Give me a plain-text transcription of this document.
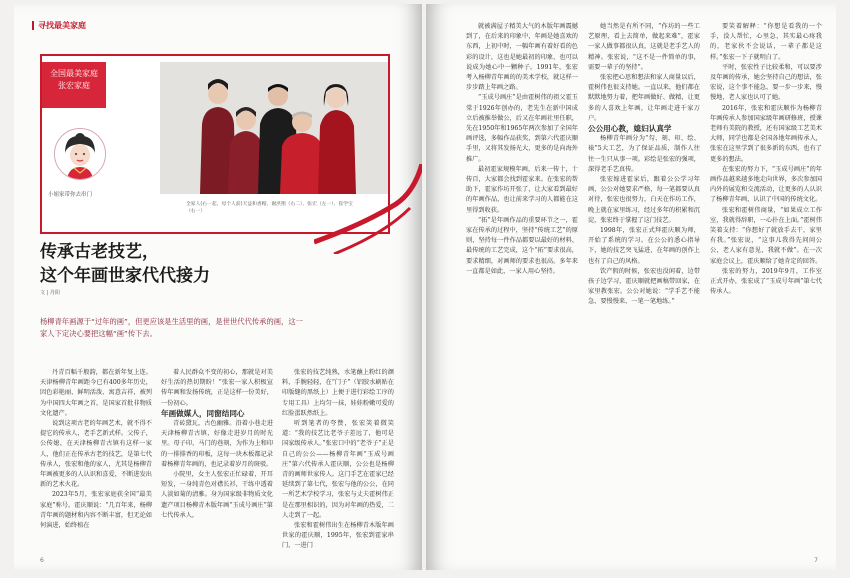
寻找最美家庭
全国最美家庭
张宏家庭
小姐家带你去串门
全家人(右一起、母个人前)天益和香帽，谢洪翔（右二）、张宏（左一）、崔学宝（右一）
传承古老技艺，
这个年画世家代代接力
文 | 丹阳
杨柳青年画源于“过年的画”，但更应该是生活里的画，是世世代代传承的画，这一家人下定决心要把这幅“画”传下去。

丹青百幅千般韵，都在新年复上连。天津杨柳青年画距今已有400多年历史，因色彩艳丽、鲜明活泼、寓意吉祥，被列为中国四大年画之首，是国家首批非物质文化遗产。

说到这项古老的年画艺术，就不得不提它的传承人，老手艺新式样。父传子，公传媳，在天津杨柳青古镇有这样一家人，他们正在传承古老的技艺，是第七代传承人，张宏和他的家人，尤其是杨柳青年画被更多的人认识和喜爱，不断进发出新的艺术火花。

2023年5月，张宏家庭获全国“最美家庭”称号。霍庆顺说：“几百年来，杨柳青年画的题材和内容不断丰富，但无论如何演进，始终植在

着人民群众不变的初心，那就是对美好生活的热切期盼！”张宏一家人积极宣传年画和发扬传统，正是这样一份美好，一份初心。

年画做媒人，同窗结同心

青砖黛瓦，古色幽雅。沿着小巷走进天津杨柳青古镇，好像走进岁月的时光里。母子印，马门的巷刻，为作为上和印的一排排香的印板，这每一块木板都记录着杨柳青年画的，也记录着岁月的斑驳。

小院里，女主人张宏正忙碌着，开耳短发，一身纯青色对襟长衫，干练中透着人淡如菊的清雅。身为国家级非物质文化遗产项目杨柳青木版年画“玉成号画庄”第七代传承人，

张宏的技艺纯熟，水笔蘸上粉红的颜料，手腕轻轻，在“门子”（铝胶水刷贴在印版缝的黑纸上）上便于进行彩绘工序的专用工具）上均匀一抹，娃娃粉嫩可爱的红脸蛋跃然纸上。

听到笔者的夸赞，张宏笑着微笑道：“我的技艺比老爷子差远了，他可是国家级传承人。”张宏口中的“老爷子”正是自己的公公——杨柳青年画“玉成号画庄”第六代传承人霍庆顺，公公也是杨柳青的画师世家传人。这门手艺在霍家已经延续到了第七代，张宏与他的公公，在同一所艺术学校学习，张宏与丈夫霍树伟正是在那里相识的，因为对年画的热爱，二人走到了一起。

张宏和霍树伟出生在杨柳青木版年画世家的霍庆顺，1995年，张宏到霍家串门，一进门

6

就被满屋子精美大气的木版年画震撼到了，在后来的印象中，年画是她喜欢的东西，上初中时，一幅年画有着好看的色彩的设计，这也是她最初的印象，也可以说成为她心中一颗种子。1991年，张宏考入杨柳青年画的的美术学校，就这样一步步踏上年画之路。

“玉成号画庄”是由霍树伟的祖父霍玉棠于1926年创办的，老先生在新中国成立后被推举做公，后又在年画社里任职，先在1950年和1965年两次参加了全国年画评选，多幅作品获奖，到第六代霍庆顺手里，又将其发扬光大，更多的是向海外推广。

最初霍家规模年画，后来一传十，十传百，大家都会找到霍家来。在张宏的帮助下，霍家作坊开张了，让大家看到最好的年画作品，也让前来学习的人都能在这里得到收获。

“拓”是年画作品的重要环节之一，霍家在传承的过程中，坚持“传统工艺”的原则，坚持每一件作品都要以最好的材料、最传统的工艺完成，这个“拓”要求很高，要求精细，对画师的要求也很高。多年来一直都是如此，一家人用心坚持。

她当然是有所不同，“作坊的一些工艺原理，看上去简单，做起来难”，霍家一家人做事都很认真，这就是老手艺人的精神。张宏说，“这不是一件简单的事，需要一辈子的坚持”。

张宏把心思和想法和家人商量以后，霍树伟也很支持她。一直以来，他们都在默默地努力着，把年画做好、做精，让更多的人喜欢上年画，让年画走进千家万户。

公公用心教，媳妇认真学

杨柳青年画分为“勾、刻、印、绘、裱”5大工艺，为了保证品质，制作人往往一生只从事一项。彩绘是张宏的强项，深得老手艺真传。

张宏嫁进霍家后，跟着公公学习年画，公公对她要求严格，每一笔都要认真对待，张宏也很努力，白天在作坊工作，晚上就在家里练习，经过多年的积累和沉淀，张宏终于掌握了这门技艺。

1998年，张宏正式拜霍庆顺为师，开始了系统的学习。在公公的悉心指导下，她的技艺突飞猛进，在年画的创作上也有了自己的风格。

饮产假的时候，张宏也没闲着，边带孩子边学习，霍庆顺就把画稿带回家，在家里教张宏。公公对她说：“学手艺不能急，要慢慢来，一笔一笔地练。”

要笑着解释：“你想是看我的一个手，没人帮忙，心里急，其实最心疼我的，老家伙不会说话，一辈子都是这样。”张宏一下子就明白了。

平时，张宏性子比较柔和，可以要涉及年画的传承，她会坚持自己的想法，张宏说，这个事不能急，要一步一步来，慢慢地，老人家也认可了她。

2016年，张宏和霍庆顺作为杨柳青年画传承人参加国家级年画研修班，授课老师有美院的教授，还有国家级工艺美术大师，同学也都是全国各地年画传承人，张宏在这里学到了很多新的东西，也有了更多的想法。

在张宏的努力下，“玉成号画庄”的年画作品越来越多地走向世界，多次参加国内外的展览和交流活动，让更多的人认识了杨柳青年画，认识了中国的传统文化。

张宏和霍树伟商量，“如果成立工作室，我就得辞职，一心扑在上面。”霍树伟笑着支持：“你想好了就放手去干，家里有我。”张宏说，“这事儿我得先问问公公，老人家有意见，我就不做”。在一次家庭会议上，霍庆顺给了她肯定的回答。

张宏的努力，2019年9月，工作室正式开办，张宏成了“玉成号年画”第七代传承人。

7
